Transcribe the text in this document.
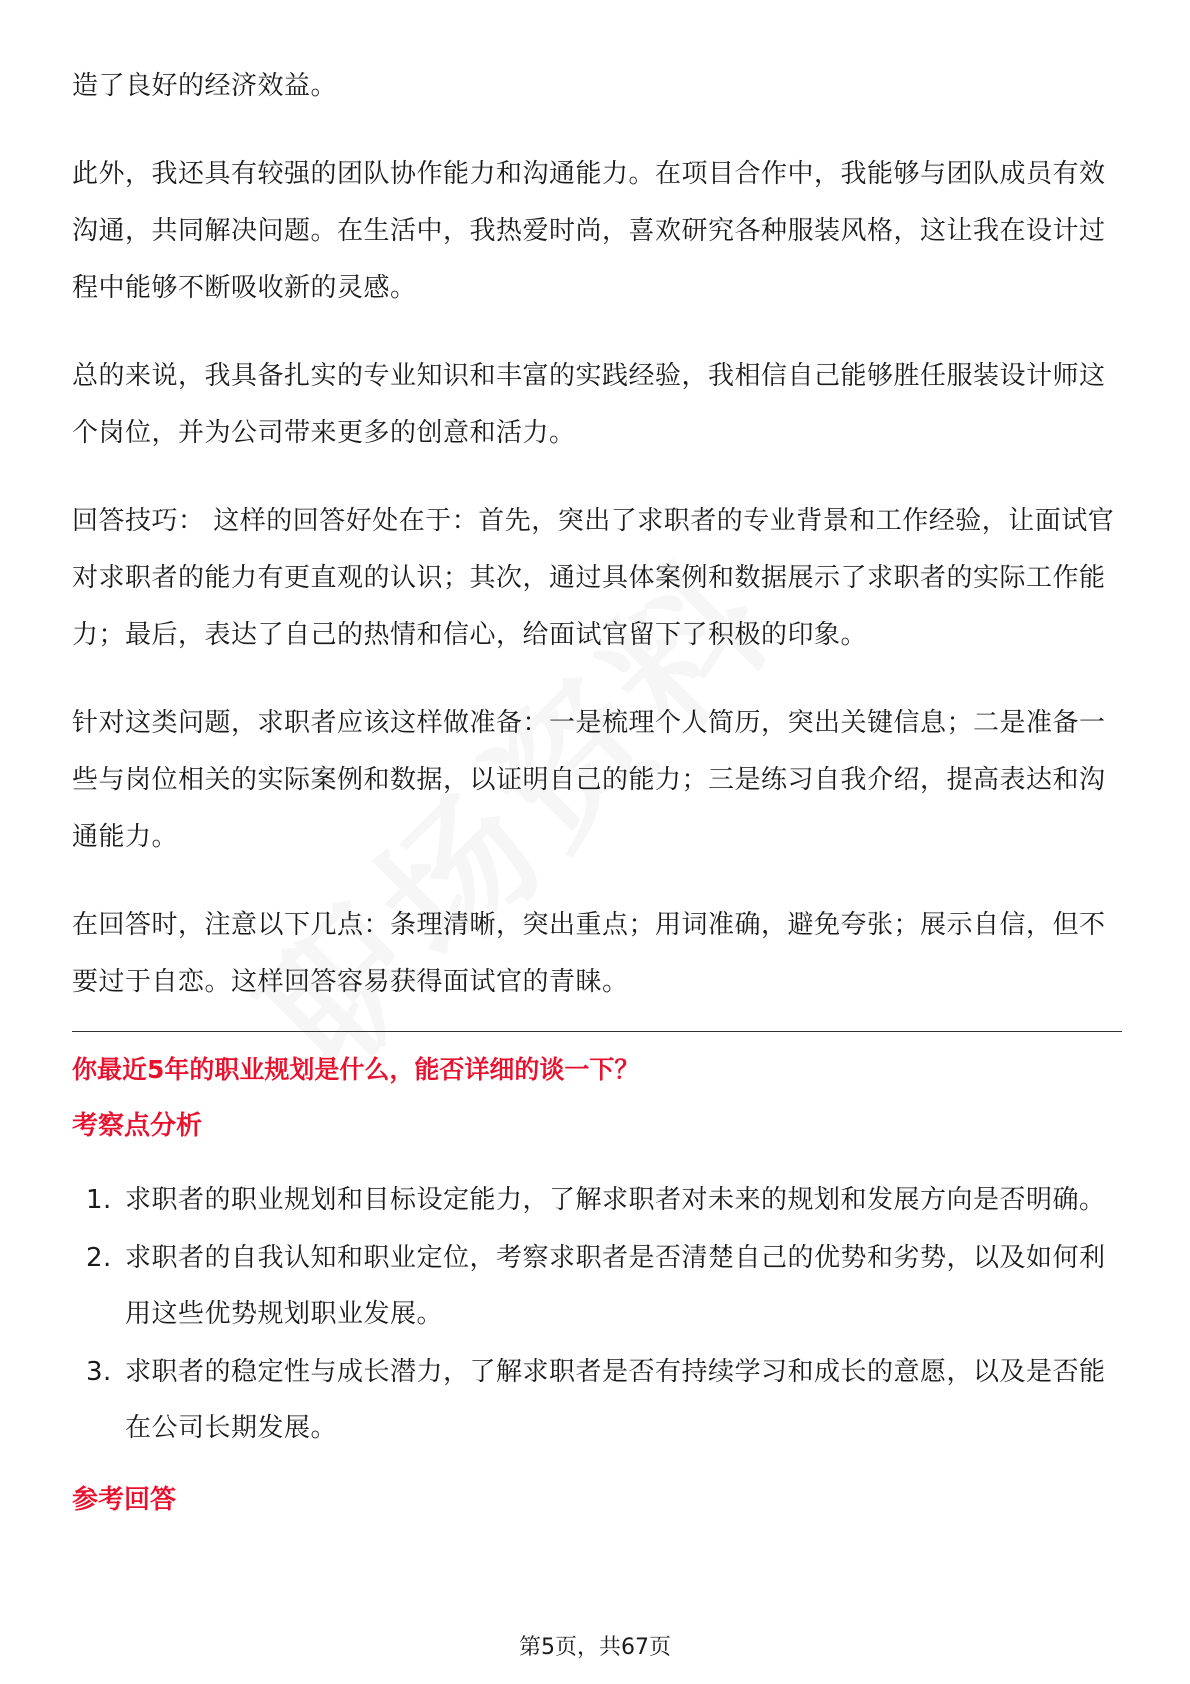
造了良好的经济效益。

此外，我还具有较强的团队协作能力和沟通能力。在项目合作中，我能够与团队成员有效沟通，共同解决问题。在生活中，我热爱时尚，喜欢研究各种服装风格，这让我在设计过程中能够不断吸收新的灵感。

总的来说，我具备扎实的专业知识和丰富的实践经验，我相信自己能够胜任服装设计师这个岗位，并为公司带来更多的创意和活力。

回答技巧： 这样的回答好处在于：首先，突出了求职者的专业背景和工作经验，让面试官对求职者的能力有更直观的认识；其次，通过具体案例和数据展示了求职者的实际工作能力；最后，表达了自己的热情和信心，给面试官留下了积极的印象。

针对这类问题，求职者应该这样做准备：一是梳理个人简历，突出关键信息；二是准备一些与岗位相关的实际案例和数据，以证明自己的能力；三是练习自我介绍，提高表达和沟通能力。

在回答时，注意以下几点：条理清晰，突出重点；用词准确，避免夸张；展示自信，但不要过于自恋。这样回答容易获得面试官的青睐。

你最近5年的职业规划是什么，能否详细的谈一下？
考察点分析
1. 求职者的职业规划和目标设定能力，了解求职者对未来的规划和发展方向是否明确。
2. 求职者的自我认知和职业定位，考察求职者是否清楚自己的优势和劣势，以及如何利用这些优势规划职业发展。
3. 求职者的稳定性与成长潜力，了解求职者是否有持续学习和成长的意愿，以及是否能在公司长期发展。
参考回答
第5页，共67页
